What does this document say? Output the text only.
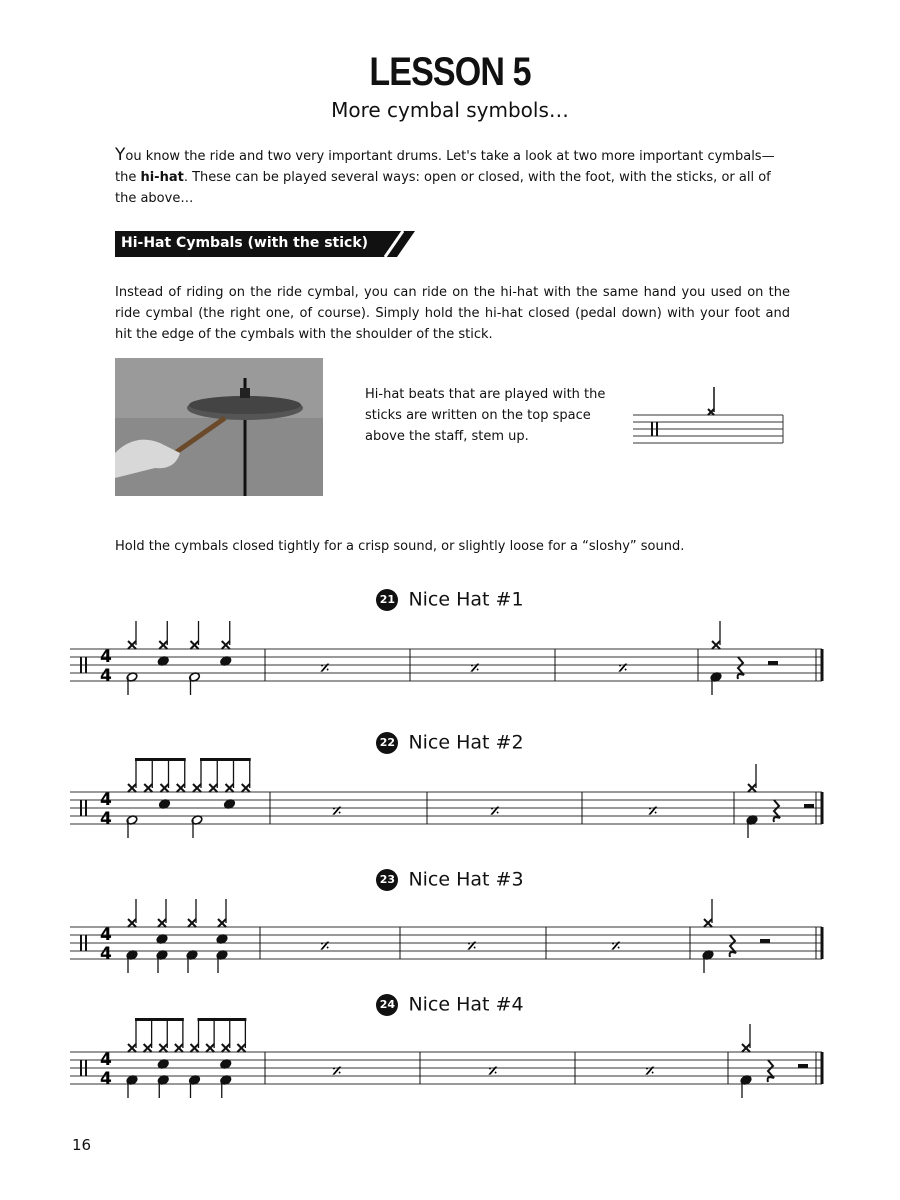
LESSON 5
More cymbal symbols…
You know the ride and two very important drums. Let's take a look at two more important cymbals—the hi-hat. These can be played several ways: open or closed, with the foot, with the sticks, or all of the above…
Hi-Hat Cymbals (with the stick)
Instead of riding on the ride cymbal, you can ride on the hi-hat with the same hand you used on the ride cymbal (the right one, of course). Simply hold the hi-hat closed (pedal down) with your foot and hit the edge of the cymbals with the shoulder of the stick.
Hi-hat beats that are played with the sticks are written on the top space above the staff, stem up.
Hold the cymbals closed tightly for a crisp sound, or slightly loose for a “sloshy” sound.
21 Nice Hat #1
22 Nice Hat #2
23 Nice Hat #3
24 Nice Hat #4
4
4	𝄎	𝄎	𝄎
4
4	𝄎	𝄎	𝄎
4
4	𝄎	𝄎	𝄎
4
4	𝄎	𝄎	𝄎
16
